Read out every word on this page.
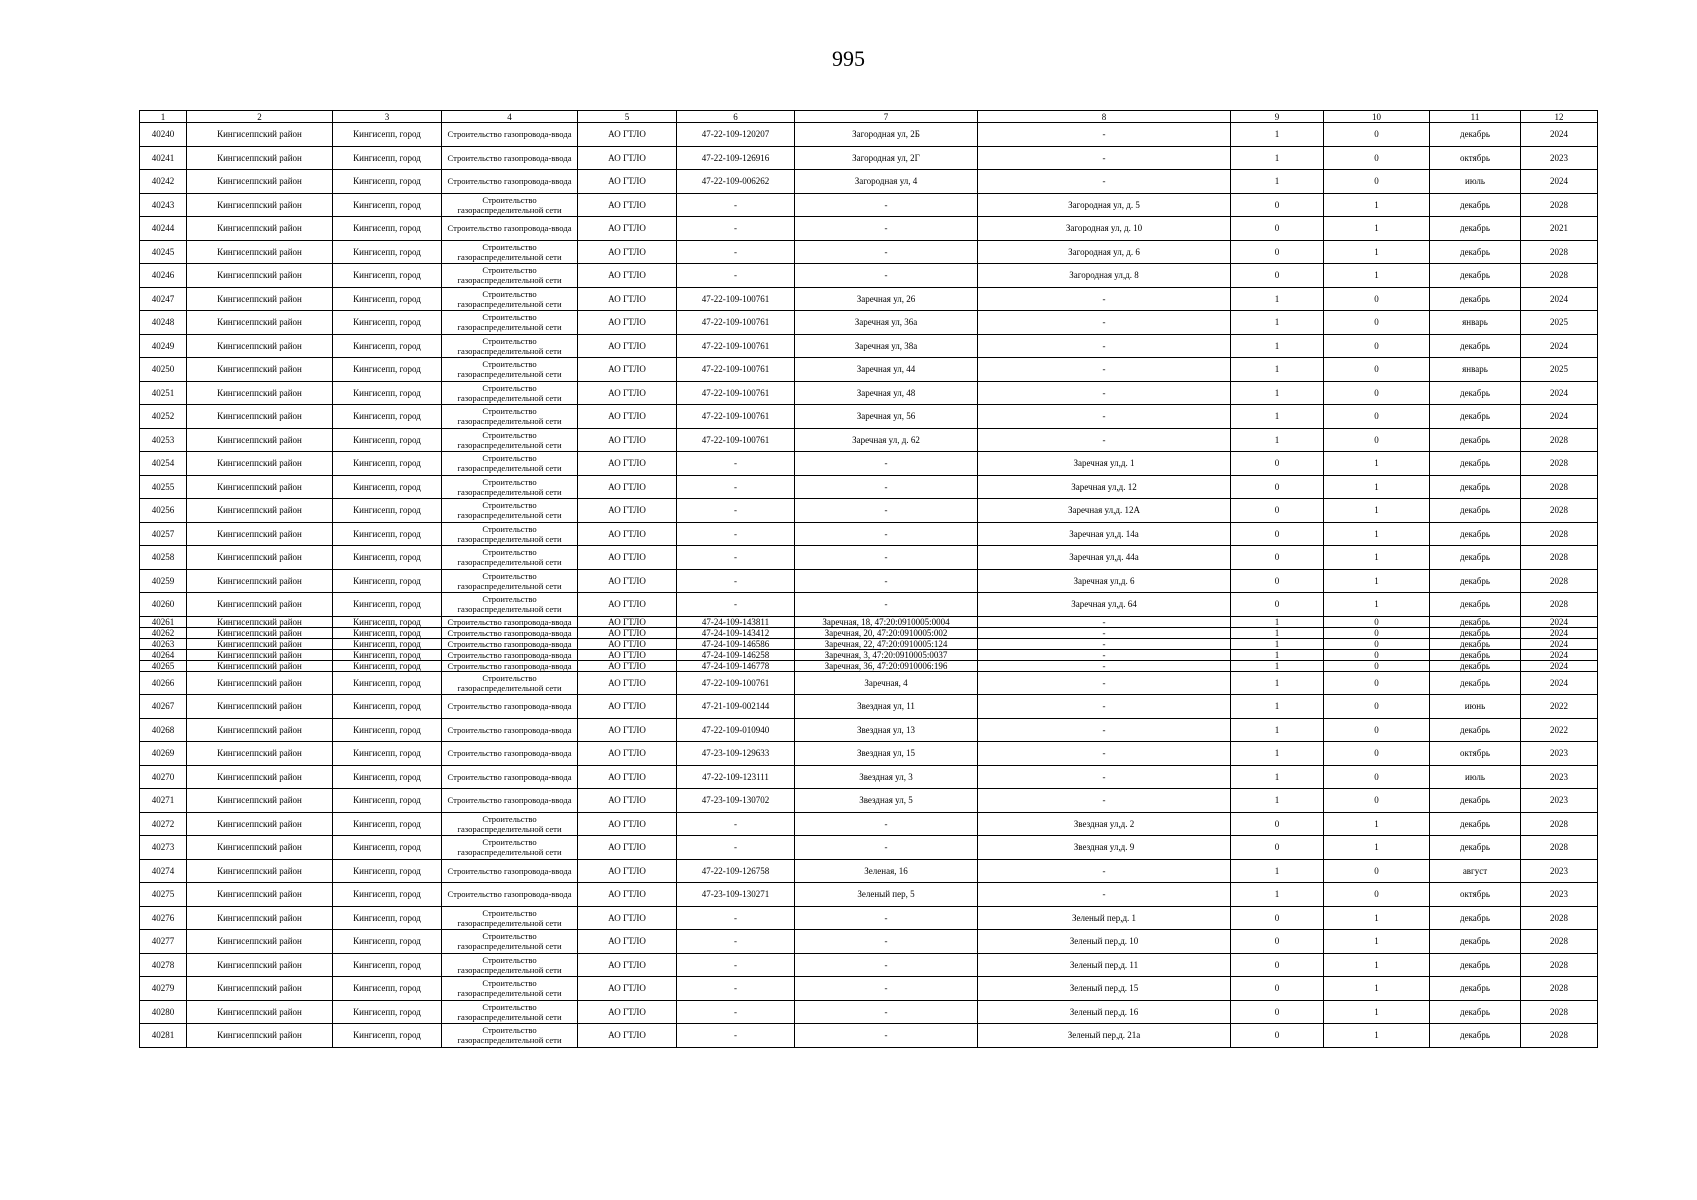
995
1	2	3	4	5	6	7	8	9	10	11	12
40240	Кингисеппский район	Кингисепп, город	Строительство газопровода-ввода	АО ГТЛО	47-22-109-120207	Загородная ул, 2Б	-	1	0	декабрь	2024
40241	Кингисеппский район	Кингисепп, город	Строительство газопровода-ввода	АО ГТЛО	47-22-109-126916	Загородная ул, 2Г	-	1	0	октябрь	2023
40242	Кингисеппский район	Кингисепп, город	Строительство газопровода-ввода	АО ГТЛО	47-22-109-006262	Загородная ул, 4	-	1	0	июль	2024
40243	Кингисеппский район	Кингисепп, город	Строительство газораспределительной сети	АО ГТЛО	-	-	Загородная ул, д. 5	0	1	декабрь	2028
40244	Кингисеппский район	Кингисепп, город	Строительство газопровода-ввода	АО ГТЛО	-	-	Загородная ул, д. 10	0	1	декабрь	2021
40245	Кингисеппский район	Кингисепп, город	Строительство газораспределительной сети	АО ГТЛО	-	-	Загородная ул, д. 6	0	1	декабрь	2028
40246	Кингисеппский район	Кингисепп, город	Строительство газораспределительной сети	АО ГТЛО	-	-	Загородная ул,д. 8	0	1	декабрь	2028
40247	Кингисеппский район	Кингисепп, город	Строительство газораспределительной сети	АО ГТЛО	47-22-109-100761	Заречная ул, 26	-	1	0	декабрь	2024
40248	Кингисеппский район	Кингисепп, город	Строительство газораспределительной сети	АО ГТЛО	47-22-109-100761	Заречная ул, 36а	-	1	0	январь	2025
40249	Кингисеппский район	Кингисепп, город	Строительство газораспределительной сети	АО ГТЛО	47-22-109-100761	Заречная ул, 38а	-	1	0	декабрь	2024
40250	Кингисеппский район	Кингисепп, город	Строительство газораспределительной сети	АО ГТЛО	47-22-109-100761	Заречная ул, 44	-	1	0	январь	2025
40251	Кингисеппский район	Кингисепп, город	Строительство газораспределительной сети	АО ГТЛО	47-22-109-100761	Заречная ул, 48	-	1	0	декабрь	2024
40252	Кингисеппский район	Кингисепп, город	Строительство газораспределительной сети	АО ГТЛО	47-22-109-100761	Заречная ул, 56	-	1	0	декабрь	2024
40253	Кингисеппский район	Кингисепп, город	Строительство газораспределительной сети	АО ГТЛО	47-22-109-100761	Заречная ул, д. 62	-	1	0	декабрь	2028
40254	Кингисеппский район	Кингисепп, город	Строительство газораспределительной сети	АО ГТЛО	-	-	Заречная ул,д. 1	0	1	декабрь	2028
40255	Кингисеппский район	Кингисепп, город	Строительство газораспределительной сети	АО ГТЛО	-	-	Заречная ул,д. 12	0	1	декабрь	2028
40256	Кингисеппский район	Кингисепп, город	Строительство газораспределительной сети	АО ГТЛО	-	-	Заречная ул,д. 12А	0	1	декабрь	2028
40257	Кингисеппский район	Кингисепп, город	Строительство газораспределительной сети	АО ГТЛО	-	-	Заречная ул,д. 14а	0	1	декабрь	2028
40258	Кингисеппский район	Кингисепп, город	Строительство газораспределительной сети	АО ГТЛО	-	-	Заречная ул,д. 44а	0	1	декабрь	2028
40259	Кингисеппский район	Кингисепп, город	Строительство газораспределительной сети	АО ГТЛО	-	-	Заречная ул,д. 6	0	1	декабрь	2028
40260	Кингисеппский район	Кингисепп, город	Строительство газораспределительной сети	АО ГТЛО	-	-	Заречная ул,д. 64	0	1	декабрь	2028
40261	Кингисеппский район	Кингисепп, город	Строительство газопровода-ввода	АО ГТЛО	47-24-109-143811	Заречная, 18, 47:20:0910005:0004	-	1	0	декабрь	2024
40262	Кингисеппский район	Кингисепп, город	Строительство газопровода-ввода	АО ГТЛО	47-24-109-143412	Заречная, 20, 47:20:0910005:002	-	1	0	декабрь	2024
40263	Кингисеппский район	Кингисепп, город	Строительство газопровода-ввода	АО ГТЛО	47-24-109-146586	Заречная, 22, 47:20:0910005:124	-	1	0	декабрь	2024
40264	Кингисеппский район	Кингисепп, город	Строительство газопровода-ввода	АО ГТЛО	47-24-109-146258	Заречная, 3, 47:20:0910005:0037	-	1	0	декабрь	2024
40265	Кингисеппский район	Кингисепп, город	Строительство газопровода-ввода	АО ГТЛО	47-24-109-146778	Заречная, 36, 47:20:0910006:196	-	1	0	декабрь	2024
40266	Кингисеппский район	Кингисепп, город	Строительство газораспределительной сети	АО ГТЛО	47-22-109-100761	Заречная, 4	-	1	0	декабрь	2024
40267	Кингисеппский район	Кингисепп, город	Строительство газопровода-ввода	АО ГТЛО	47-21-109-002144	Звездная ул, 11	-	1	0	июнь	2022
40268	Кингисеппский район	Кингисепп, город	Строительство газопровода-ввода	АО ГТЛО	47-22-109-010940	Звездная ул, 13	-	1	0	декабрь	2022
40269	Кингисеппский район	Кингисепп, город	Строительство газопровода-ввода	АО ГТЛО	47-23-109-129633	Звездная ул, 15	-	1	0	октябрь	2023
40270	Кингисеппский район	Кингисепп, город	Строительство газопровода-ввода	АО ГТЛО	47-22-109-123111	Звездная ул, 3	-	1	0	июль	2023
40271	Кингисеппский район	Кингисепп, город	Строительство газопровода-ввода	АО ГТЛО	47-23-109-130702	Звездная ул, 5	-	1	0	декабрь	2023
40272	Кингисеппский район	Кингисепп, город	Строительство газораспределительной сети	АО ГТЛО	-	-	Звездная ул,д. 2	0	1	декабрь	2028
40273	Кингисеппский район	Кингисепп, город	Строительство газораспределительной сети	АО ГТЛО	-	-	Звездная ул,д. 9	0	1	декабрь	2028
40274	Кингисеппский район	Кингисепп, город	Строительство газопровода-ввода	АО ГТЛО	47-22-109-126758	Зеленая, 16	-	1	0	август	2023
40275	Кингисеппский район	Кингисепп, город	Строительство газопровода-ввода	АО ГТЛО	47-23-109-130271	Зеленый пер, 5	-	1	0	октябрь	2023
40276	Кингисеппский район	Кингисепп, город	Строительство газораспределительной сети	АО ГТЛО	-	-	Зеленый пер,д. 1	0	1	декабрь	2028
40277	Кингисеппский район	Кингисепп, город	Строительство газораспределительной сети	АО ГТЛО	-	-	Зеленый пер,д. 10	0	1	декабрь	2028
40278	Кингисеппский район	Кингисепп, город	Строительство газораспределительной сети	АО ГТЛО	-	-	Зеленый пер,д. 11	0	1	декабрь	2028
40279	Кингисеппский район	Кингисепп, город	Строительство газораспределительной сети	АО ГТЛО	-	-	Зеленый пер,д. 15	0	1	декабрь	2028
40280	Кингисеппский район	Кингисепп, город	Строительство газораспределительной сети	АО ГТЛО	-	-	Зеленый пер,д. 16	0	1	декабрь	2028
40281	Кингисеппский район	Кингисепп, город	Строительство газораспределительной сети	АО ГТЛО	-	-	Зеленый пер,д. 21а	0	1	декабрь	2028
